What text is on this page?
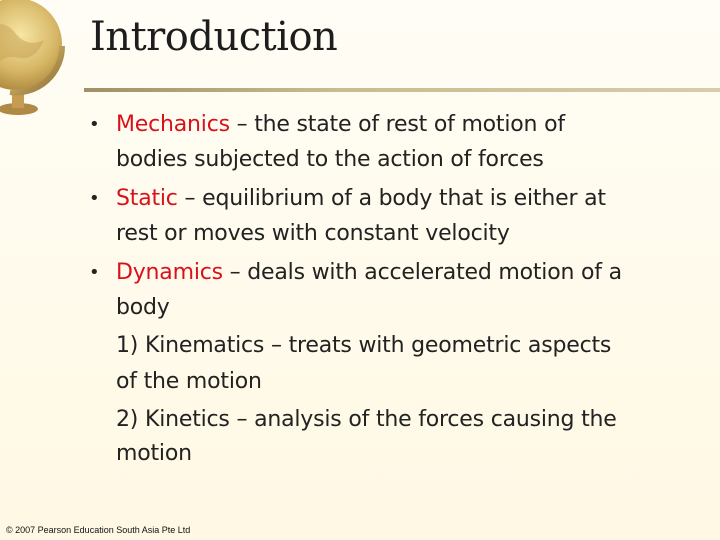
Introduction
• Mechanics – the state of rest of motion of
bodies subjected to the action of forces
• Static – equilibrium of a body that is either at
rest or moves with constant velocity
• Dynamics – deals with accelerated motion of a
body
1) Kinematics – treats with geometric aspects
of the motion
2) Kinetics – analysis of the forces causing the
motion
© 2007 Pearson Education South Asia Pte Ltd
